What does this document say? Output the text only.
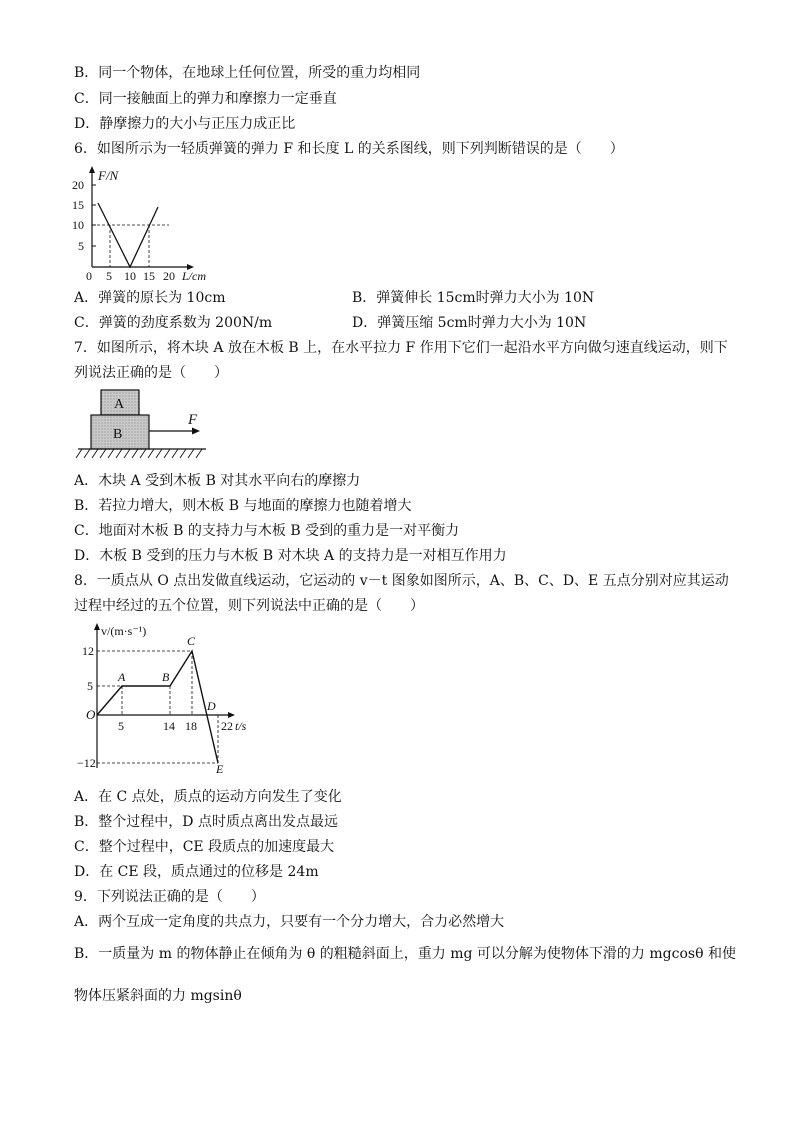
B．同一个物体，在地球上任何位置，所受的重力均相同
C．同一接触面上的弹力和摩擦力一定垂直
D．静摩擦力的大小与正压力成正比
6．如图所示为一轻质弹簧的弹力 F 和长度 L 的关系图线，则下列判断错误的是（　　）
F/N
20
15
10
5
0 5 10 15 20 L/cm
A．弹簧的原长为 10cm	B．弹簧伸长 15cm时弹力大小为 10N
C．弹簧的劲度系数为 200N/m	D．弹簧压缩 5cm时弹力大小为 10N
7．如图所示，将木块 A 放在木板 B 上，在水平拉力 F 作用下它们一起沿水平方向做匀速直线运动，则下
列说法正确的是（　　）
A
B
F
A．木块 A 受到木板 B 对其水平向右的摩擦力
B．若拉力增大，则木板 B 与地面的摩擦力也随着增大
C．地面对木板 B 的支持力与木板 B 受到的重力是一对平衡力
D．木板 B 受到的压力与木板 B 对木块 A 的支持力是一对相互作用力
8．一质点从 O 点出发做直线运动，它运动的 v－t 图象如图所示，A、B、C、D、E 五点分别对应其运动
过程中经过的五个位置，则下列说法中正确的是（　　）
v/(m·s⁻¹)
12
5
−12
5	14 18 22 t/s
O
A	B
C
D
E
A．在 C 点处，质点的运动方向发生了变化
B．整个过程中，D 点时质点离出发点最远
C．整个过程中，CE 段质点的加速度最大
D．在 CE 段，质点通过的位移是 24m
9．下列说法正确的是（　　）
A．两个互成一定角度的共点力，只要有一个分力增大，合力必然增大
B．一质量为 m 的物体静止在倾角为 θ 的粗糙斜面上，重力 mg 可以分解为使物体下滑的力 mgcosθ 和使
物体压紧斜面的力 mgsinθ
